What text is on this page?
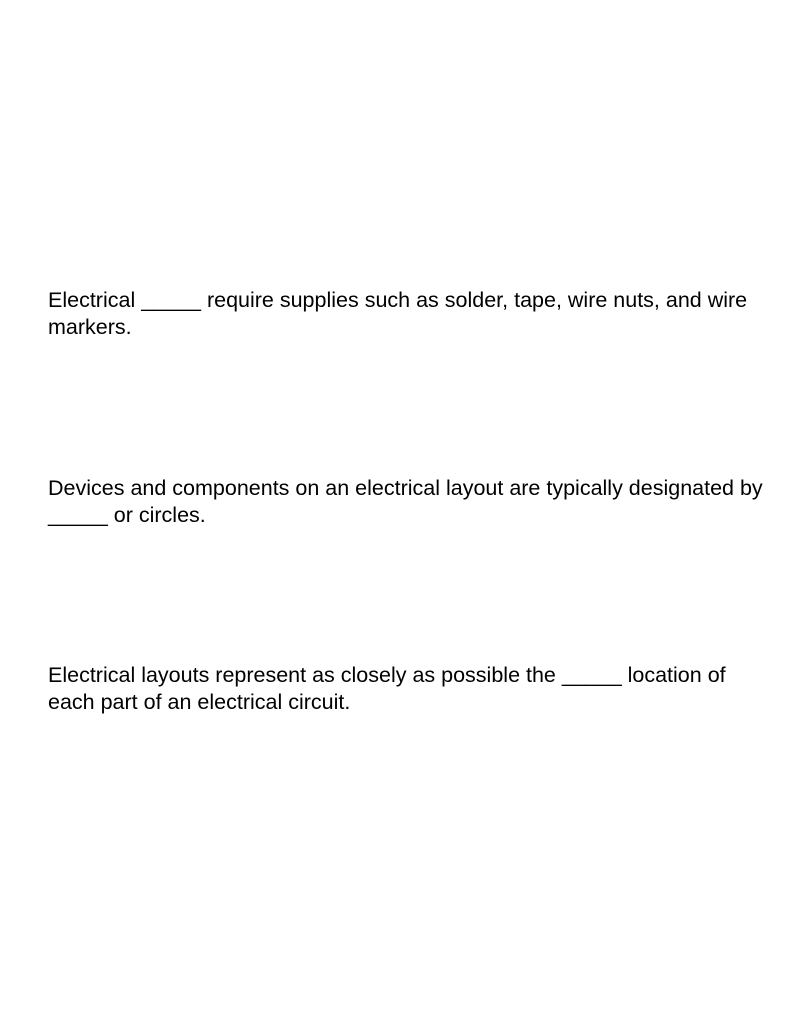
Electrical _____ require supplies such as solder, tape, wire nuts, and wire markers.

Devices and components on an electrical layout are typically designated by _____ or circles.

Electrical layouts represent as closely as possible the _____ location of each part of an electrical circuit.
